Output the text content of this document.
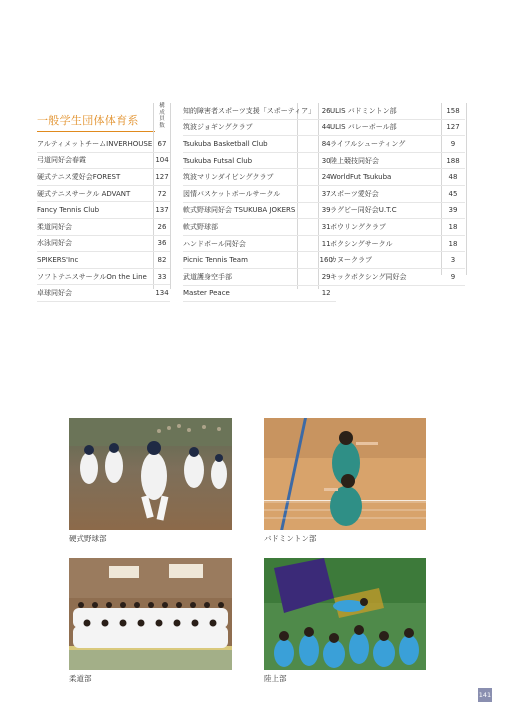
一般学生団体体育系
構成員数
アルティメットチームINVERHOUSE		67
弓道同好会春霞		104
硬式テニス愛好会FOREST		127
硬式テニスサークル ADVANT		72
Fancy Tennis Club		137
柔道同好会		26
水泳同好会		36
SPIKERS'Inc		82
ソフトテニスサークルOn the Line		33
卓球同好会		134
知的障害者スポーツ支援「スポーティア」		26
筑波ジョギングクラブ		44
Tsukuba Basketball Club		84
Tsukuba Futsal Club		30
筑波マリンダイビングクラブ		24
図情バスケットボールサークル		37
軟式野球同好会 TSUKUBA JOKERS		39
軟式野球部		31
ハンドボール同好会		11
Picnic Tennis Team		160
武道護身空手部		29
Master Peace		12
ULIS バドミントン部		158
ULIS バレーボール部		127
ライフルシューティング		9
陸上競技同好会		188
WorldFut Tsukuba		48
スポーツ愛好会		45
ラグビー同好会U.T.C		39
ボウリングクラブ		18
ボクシングサークル		18
カヌークラブ		3
キックボクシング同好会		9
硬式野球部	バドミントン部
柔道部	陸上部
141
